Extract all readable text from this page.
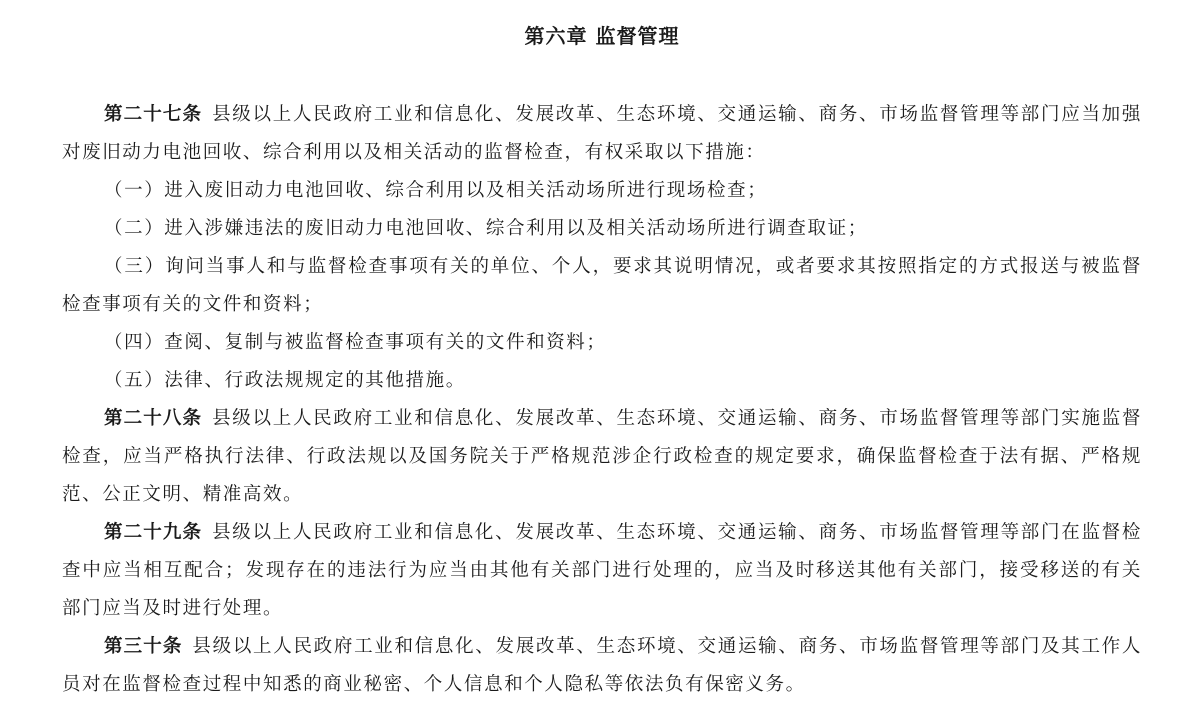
第六章 监督管理

第二十七条 县级以上人民政府工业和信息化、发展改革、生态环境、交通运输、商务、市场监督管理等部门应当加强对废旧动力电池回收、综合利用以及相关活动的监督检查，有权采取以下措施：

（一）进入废旧动力电池回收、综合利用以及相关活动场所进行现场检查；

（二）进入涉嫌违法的废旧动力电池回收、综合利用以及相关活动场所进行调查取证；

（三）询问当事人和与监督检查事项有关的单位、个人，要求其说明情况，或者要求其按照指定的方式报送与被监督检查事项有关的文件和资料；

（四）查阅、复制与被监督检查事项有关的文件和资料；

（五）法律、行政法规规定的其他措施。

第二十八条 县级以上人民政府工业和信息化、发展改革、生态环境、交通运输、商务、市场监督管理等部门实施监督检查，应当严格执行法律、行政法规以及国务院关于严格规范涉企行政检查的规定要求，确保监督检查于法有据、严格规范、公正文明、精准高效。

第二十九条 县级以上人民政府工业和信息化、发展改革、生态环境、交通运输、商务、市场监督管理等部门在监督检查中应当相互配合；发现存在的违法行为应当由其他有关部门进行处理的，应当及时移送其他有关部门，接受移送的有关部门应当及时进行处理。

第三十条 县级以上人民政府工业和信息化、发展改革、生态环境、交通运输、商务、市场监督管理等部门及其工作人员对在监督检查过程中知悉的商业秘密、个人信息和个人隐私等依法负有保密义务。
